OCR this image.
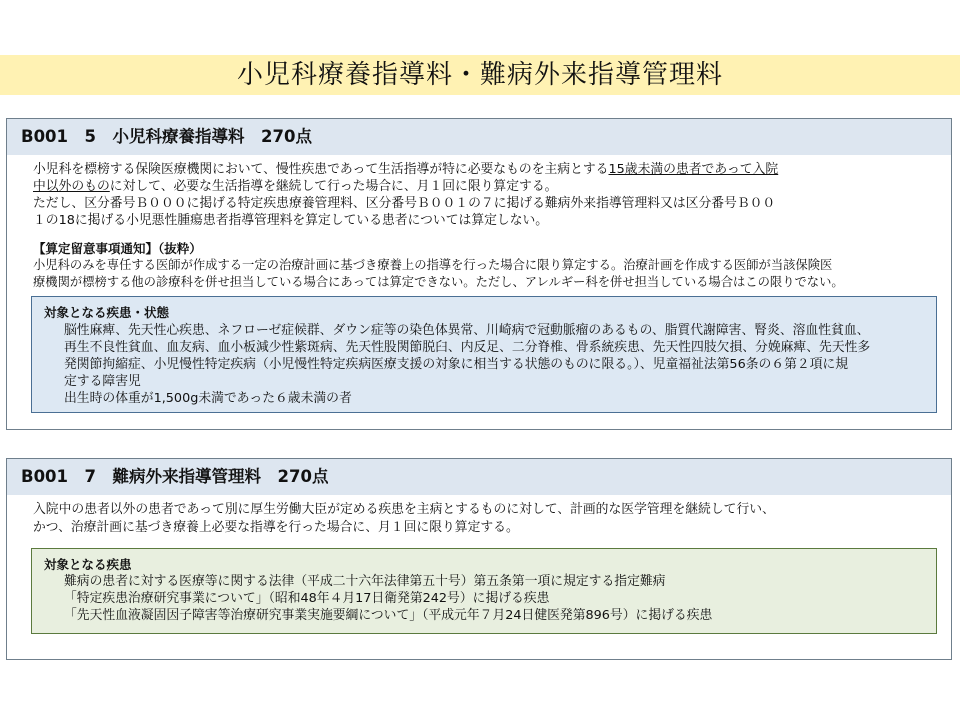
小児科療養指導料・難病外来指導管理料
B001　5　小児科療養指導料　270点
小児科を標榜する保険医療機関において、慢性疾患であって生活指導が特に必要なものを主病とする15歳未満の患者であって入院
中以外のものに対して、必要な生活指導を継続して行った場合に、月１回に限り算定する。
ただし、区分番号Ｂ０００に掲げる特定疾患療養管理料、区分番号Ｂ００１の７に掲げる難病外来指導管理料又は区分番号Ｂ００
１の18に掲げる小児悪性腫瘍患者指導管理料を算定している患者については算定しない。
【算定留意事項通知】（抜粋）
小児科のみを専任する医師が作成する一定の治療計画に基づき療養上の指導を行った場合に限り算定する。治療計画を作成する医師が当該保険医
療機関が標榜する他の診療科を併せ担当している場合にあっては算定できない。ただし、アレルギー科を併せ担当している場合はこの限りでない。
対象となる疾患・状態
脳性麻痺、先天性心疾患、ネフローゼ症候群、ダウン症等の染色体異常、川崎病で冠動脈瘤のあるもの、脂質代謝障害、腎炎、溶血性貧血、
再生不良性貧血、血友病、血小板減少性紫斑病、先天性股関節脱臼、内反足、二分脊椎、骨系統疾患、先天性四肢欠損、分娩麻痺、先天性多
発関節拘縮症、小児慢性特定疾病（小児慢性特定疾病医療支援の対象に相当する状態のものに限る。）、児童福祉法第56条の６第２項に規
定する障害児
出生時の体重が1,500g未満であった６歳未満の者
B001　7　難病外来指導管理料　270点
入院中の患者以外の患者であって別に厚生労働大臣が定める疾患を主病とするものに対して、計画的な医学管理を継続して行い、
かつ、治療計画に基づき療養上必要な指導を行った場合に、月１回に限り算定する。
対象となる疾患
難病の患者に対する医療等に関する法律（平成二十六年法律第五十号）第五条第一項に規定する指定難病
「特定疾患治療研究事業について」（昭和48年４月17日衛発第242号）に掲げる疾患
「先天性血液凝固因子障害等治療研究事業実施要綱について」（平成元年７月24日健医発第896号）に掲げる疾患
